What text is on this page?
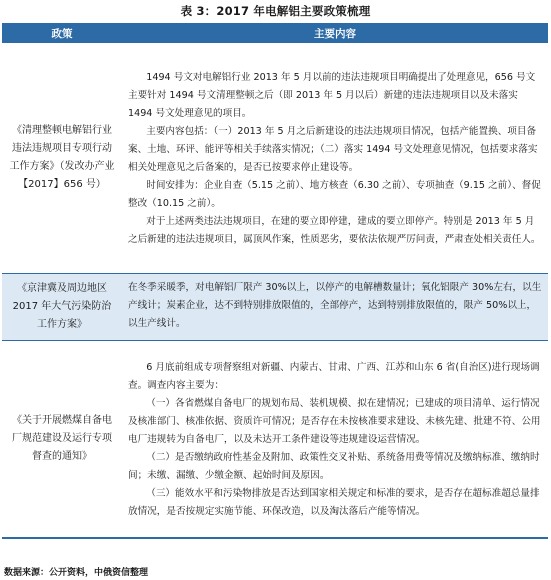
表 3：2017 年电解铝主要政策梳理
政策	主要内容
《清理整顿电解铝行业违法违规项目专项行动工作方案》（发改办产业【2017】656 号）	1494 号文对电解铝行业 2013 年 5 月以前的违法违规项目明确提出了处理意见，656 号文主要针对 1494 号文清理整顿之后（即 2013 年 5 月以后）新建的违法违规项目以及未落实 1494 号文处理意见的项目。

主要内容包括：（一）2013 年 5 月之后新建设的违法违规项目情况，包括产能置换、项目备案、土地、环评、能评等相关手续落实情况；（二）落实 1494 号文处理意见情况，包括要求落实相关处理意见之后备案的，是否已按要求停止建设等。

时间安排为：企业自查（5.15 之前）、地方核查（6.30 之前）、专项抽查（9.15 之前）、督促整改（10.15 之前）。

对于上述两类违法违规项目，在建的要立即停建，建成的要立即停产。特别是 2013 年 5 月之后新建的违法违规项目，属顶风作案，性质恶劣，要依法依规严厉问责，严肃查处相关责任人。

《京津冀及周边地区 2017 年大气污染防治工作方案》	在冬季采暖季，对电解铝厂限产 30%以上，以停产的电解槽数量计；氧化铝限产 30%左右，以生产线计；炭素企业，达不到特别排放限值的，全部停产，达到特别排放限值的，限产 50%以上，以生产线计。

《关于开展燃煤自备电厂规范建设及运行专项督查的通知》	6 月底前组成专项督察组对新疆、内蒙古、甘肃、广西、江苏和山东 6 省(自治区)进行现场调查。调查内容主要为：

（一）各省燃煤自备电厂的规划布局、装机规模、拟在建情况；已建成的项目清单、运行情况及核准部门、核准依据、资质许可情况；是否存在未按核准要求建设、未核先建、批建不符、公用电厂违规转为自备电厂，以及未达开工条件建设等违规建设运营情况。

（二）是否缴纳政府性基金及附加、政策性交叉补贴、系统备用费等情况及缴纳标准、缴纳时间；未缴、漏缴、少缴金额、起始时间及原因。

（三）能效水平和污染物排放是否达到国家相关规定和标准的要求，是否存在超标准超总量排放情况，是否按规定实施节能、环保改造，以及淘汰落后产能等情况。

数据来源：公开资料，中俄资信整理
